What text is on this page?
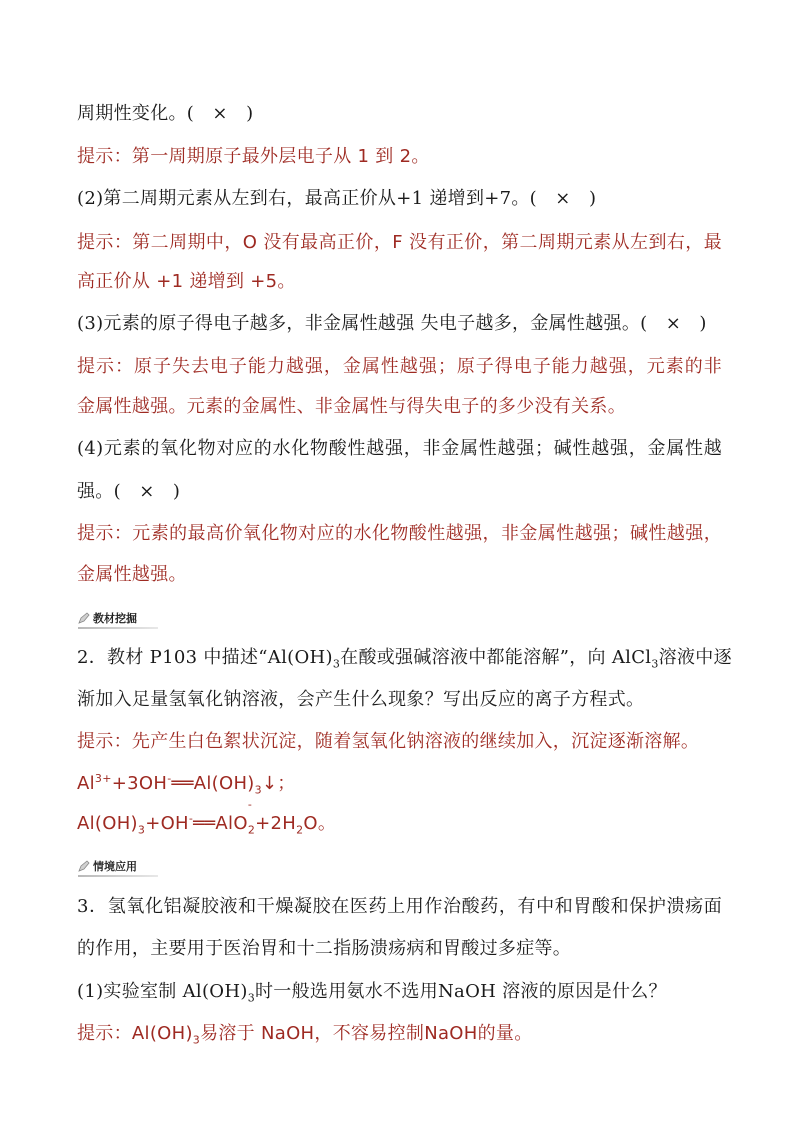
周期性变化。(　×　)
提示：第一周期原子最外层电子从 1 到 2。
(2)第二周期元素从左到右，最高正价从+1 递增到+7。(　×　)
提示：第二周期中，O 没有最高正价，F 没有正价，第二周期元素从左到右，最
高正价从 +1 递增到 +5。
(3)元素的原子得电子越多，非金属性越强 失电子越多，金属性越强。(　×　)
提示：原子失去电子能力越强，金属性越强；原子得电子能力越强，元素的非
金属性越强。元素的金属性、非金属性与得失电子的多少没有关系。
(4)元素的氧化物对应的水化物酸性越强，非金属性越强；碱性越强，金属性越
强。(　×　)
提示：元素的最高价氧化物对应的水化物酸性越强，非金属性越强；碱性越强，
金属性越强。
教材挖掘
2．教材 P103 中描述“$Al(OH)_3$在酸或强碱溶液中都能溶解”，向 AlCl$_3$溶液中逐
渐加入足量氢氧化钠溶液，会产生什么现象？写出反应的离子方程式。
提示：先产生白色絮状沉淀，随着氢氧化钠溶液的继续加入，沉淀逐渐溶解。
$Al^{3+}+3OH^-══Al(OH)_3↓$；
$Al(OH)_3+OH^-══AlO$
-
$_2+2H_2O$。
情境应用
3．氢氧化铝凝胶液和干燥凝胶在医药上用作治酸药，有中和胃酸和保护溃疡面
的作用，主要用于医治胃和十二指肠溃疡病和胃酸过多症等。
(1)实验室制 $Al(OH)_3$时一般选用氨水不选用NaOH 溶液的原因是什么？
提示：$Al(OH)_3$易溶于 NaOH，不容易控制NaOH的量。
